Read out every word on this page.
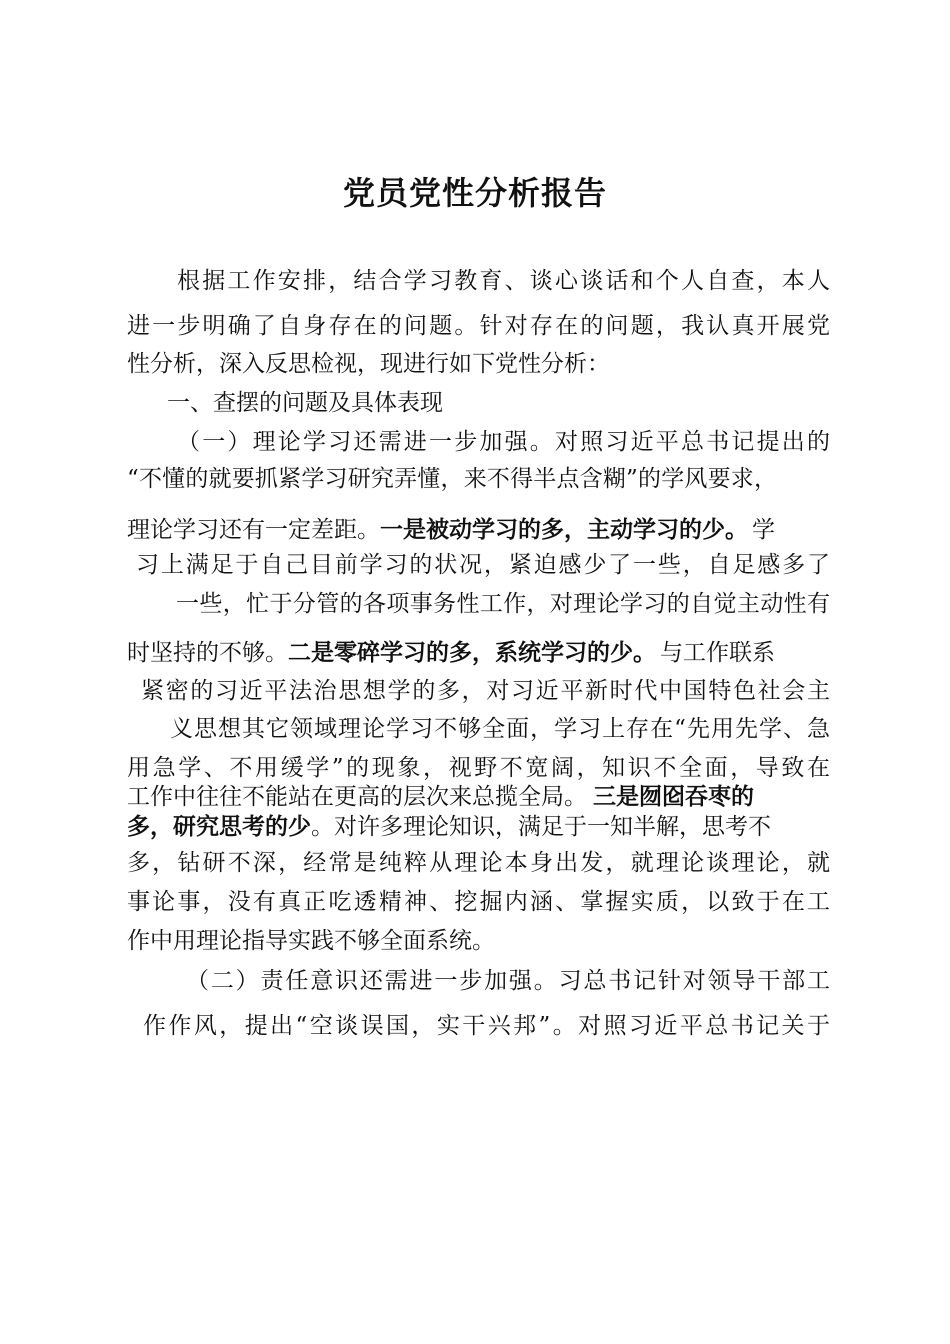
党员党性分析报告
根据工作安排，结合学习教育、谈心谈话和个人自查，本人
进一步明确了自身存在的问题。针对存在的问题，我认真开展党
性分析，深入反思检视，现进行如下党性分析：
一、查摆的问题及具体表现
（一）理论学习还需进一步加强。对照习近平总书记提出的
“不懂的就要抓紧学习研究弄懂，来不得半点含糊”的学风要求，
理论学习还有一定差距。一是被动学习的多，主动学习的少。 学
习上满足于自己目前学习的状况，紧迫感少了一些，自足感多了
一些，忙于分管的各项事务性工作，对理论学习的自觉主动性有
时坚持的不够。二是零碎学习的多，系统学习的少。 与工作联系
紧密的习近平法治思想学的多，对习近平新时代中国特色社会主
义思想其它领域理论学习不够全面，学习上存在“先用先学、急
用急学、不用缓学”的现象，视野不宽阔，知识不全面，导致在
工作中往往不能站在更高的层次来总揽全局。 三是囫囵吞枣的
多，研究思考的少。对许多理论知识，满足于一知半解，思考不
多，钻研不深，经常是纯粹从理论本身出发，就理论谈理论，就
事论事，没有真正吃透精神、挖掘内涵、掌握实质，以致于在工
作中用理论指导实践不够全面系统。
（二）责任意识还需进一步加强。习总书记针对领导干部工
作作风，提出“空谈误国，实干兴邦”。对照习近平总书记关于
